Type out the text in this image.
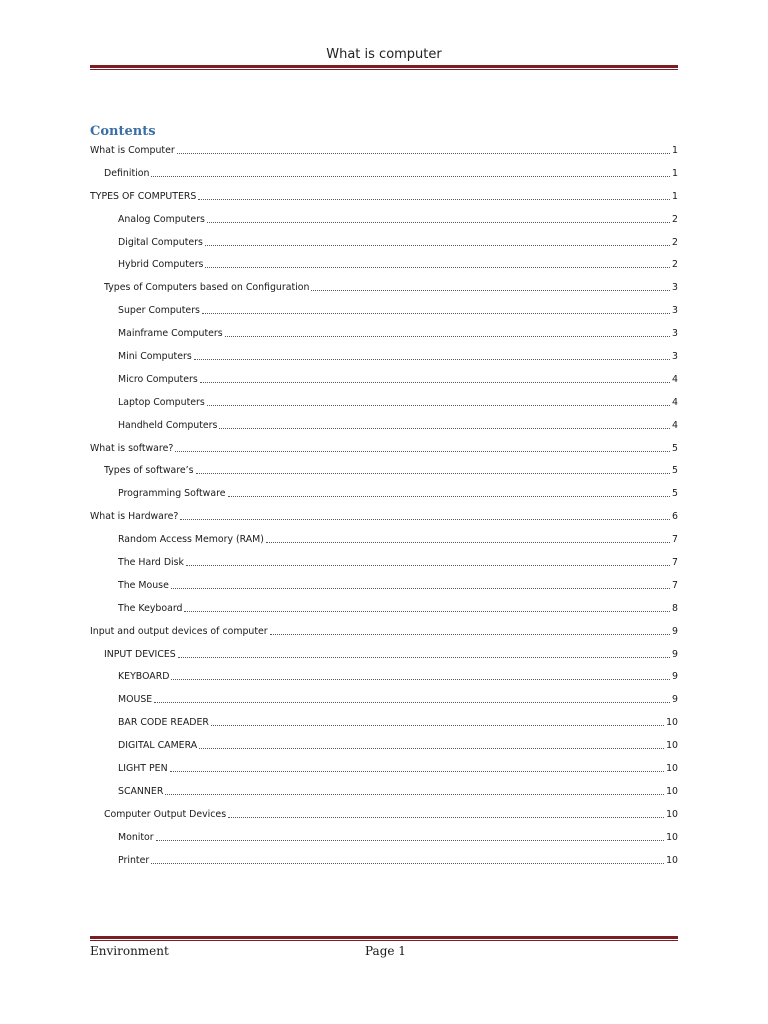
What is computer
Contents
What is Computer	1
Definition	1
TYPES OF COMPUTERS	1
Analog Computers	2
Digital Computers	2
Hybrid Computers	2
Types of Computers based on Configuration	3
Super Computers	3
Mainframe Computers	3
Mini Computers	3
Micro Computers	4
Laptop Computers	4
Handheld Computers	4
What is software?	5
Types of software’s	5
Programming Software	5
What is Hardware?	6
Random Access Memory (RAM)	7
The Hard Disk	7
The Mouse	7
The Keyboard	8
Input and output devices of computer	9
INPUT DEVICES	9
KEYBOARD	9
MOUSE	9
BAR CODE READER	10
DIGITAL CAMERA	10
LIGHT PEN	10
SCANNER	10
Computer Output Devices	10
Monitor	10
Printer	10
Environment	Page 1
